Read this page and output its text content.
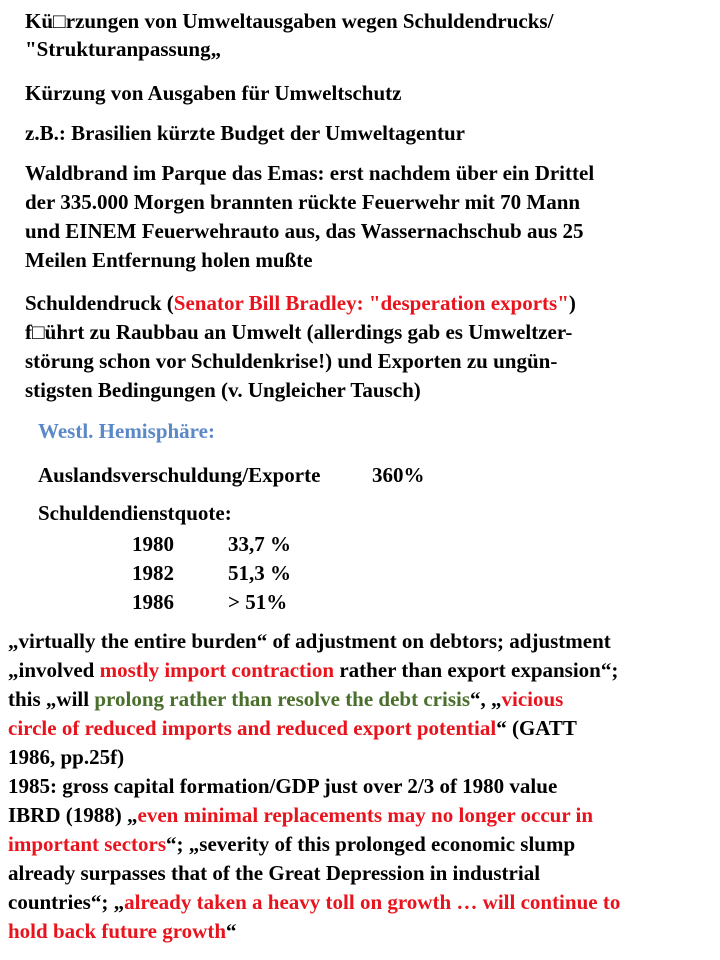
Kü□rzungen von Umweltausgaben wegen Schuldendrucks/
"Strukturanpassung„
Kürzung von Ausgaben für Umweltschutz
z.B.: Brasilien kürzte Budget der Umweltagentur
Waldbrand im Parque das Emas: erst nachdem über ein Drittel
der 335.000 Morgen brannten rückte Feuerwehr mit 70 Mann
und EINEM Feuerwehrauto aus, das Wassernachschub aus 25
Meilen Entfernung holen mußte
Schuldendruck (Senator Bill Bradley: "desperation exports")
f□ührt zu Raubbau an Umwelt (allerdings gab es Umweltzer-
störung schon vor Schuldenkrise!) und Exporten zu ungün-
stigsten Bedingungen (v. Ungleicher Tausch)
Westl. Hemisphäre:
Auslandsverschuldung/Exporte 360%
Schuldendienstquote:
1980	33,7 %
1982	51,3 %
1986	> 51%
„virtually the entire burden“ of adjustment on debtors; adjustment
„involved mostly import contraction rather than export expansion“;
this „will prolong rather than resolve the debt crisis“, „vicious
circle of reduced imports and reduced export potential“ (GATT
1986, pp.25f)
1985: gross capital formation/GDP just over 2/3 of 1980 value
IBRD (1988) „even minimal replacements may no longer occur in
important sectors“; „severity of this prolonged economic slump
already surpasses that of the Great Depression in industrial
countries“; „already taken a heavy toll on growth … will continue to
hold back future growth“
